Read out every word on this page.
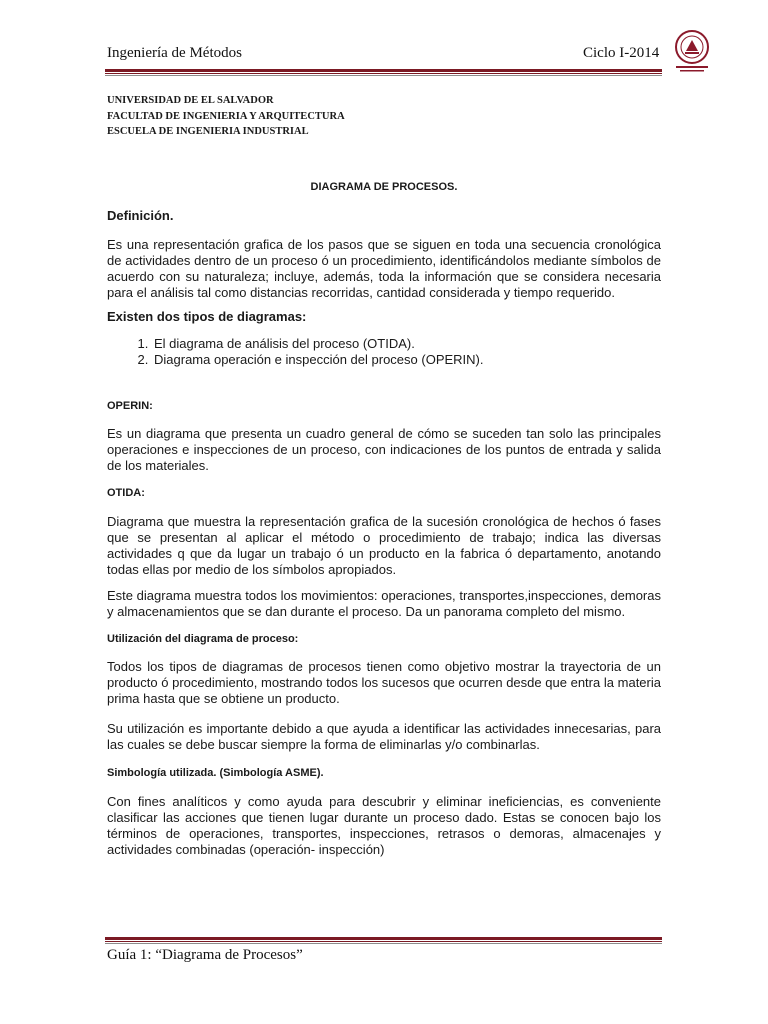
Ingeniería de Métodos	Ciclo I-2014
UNIVERSIDAD DE EL SALVADOR
FACULTAD DE INGENIERIA Y ARQUITECTURA
ESCUELA DE INGENIERIA INDUSTRIAL
DIAGRAMA DE PROCESOS.
Definición.

Es una representación grafica de los pasos que se siguen en toda una secuencia cronológica de actividades dentro de un proceso ó un procedimiento, identificándolos mediante símbolos de acuerdo con su naturaleza; incluye, además, toda la información que se considera necesaria para el análisis tal como distancias recorridas, cantidad considerada y tiempo requerido.

Existen dos tipos de diagramas:
1. El diagrama de análisis del proceso (OTIDA).
2. Diagrama operación e inspección del proceso (OPERIN).
OPERIN:

Es un diagrama que presenta un cuadro general de cómo se suceden tan solo las principales operaciones e inspecciones de un proceso, con indicaciones de los puntos de entrada y salida de los materiales.

OTIDA:

Diagrama que muestra la representación grafica de la sucesión cronológica de hechos ó fases que se presentan al aplicar el método o procedimiento de trabajo; indica las diversas actividades q que da lugar un trabajo ó un producto en la fabrica ó departamento, anotando todas ellas por medio de los símbolos apropiados.

Este diagrama muestra todos los movimientos: operaciones, transportes,inspecciones, demoras y almacenamientos que se dan durante el proceso. Da un panorama completo del mismo.

Utilización del diagrama de proceso:

Todos los tipos de diagramas de procesos tienen como objetivo mostrar la trayectoria de un producto ó procedimiento, mostrando todos los sucesos que ocurren desde que entra la materia prima hasta que se obtiene un producto.

Su utilización es importante debido a que ayuda a identificar las actividades innecesarias, para las cuales se debe buscar siempre la forma de eliminarlas y/o combinarlas.

Simbología utilizada. (Simbología ASME).

Con fines analíticos y como ayuda para descubrir y eliminar ineficiencias, es conveniente clasificar las acciones que tienen lugar durante un proceso dado. Estas se conocen bajo los términos de operaciones, transportes, inspecciones, retrasos o demoras, almacenajes y actividades combinadas (operación- inspección)

Guía 1: “Diagrama de Procesos”
